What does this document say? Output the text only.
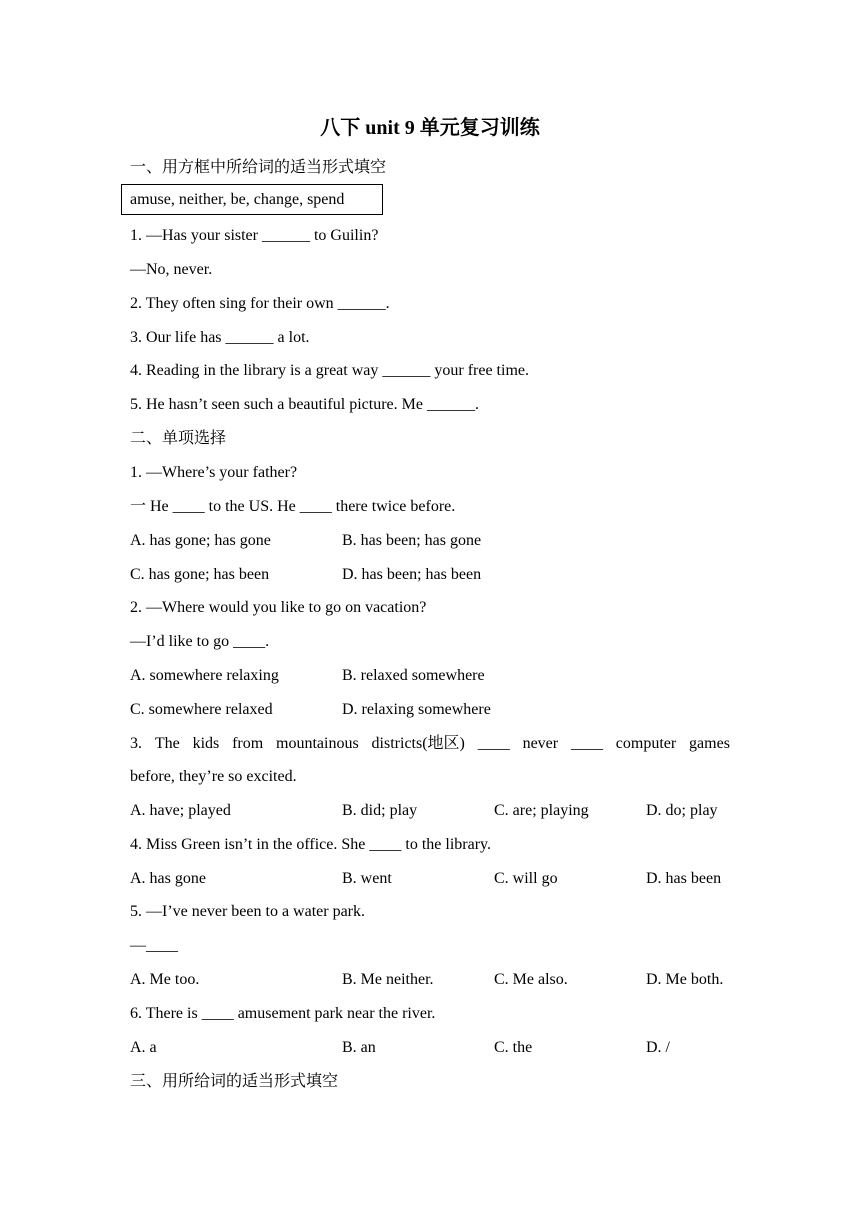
八下 unit 9 单元复习训练
一、用方框中所给词的适当形式填空
amuse, neither, be, change, spend
1. —Has your sister ______ to Guilin?
—No, never.
2. They often sing for their own ______.
3. Our life has ______ a lot.
4. Reading in the library is a great way ______ your free time.
5. He hasn’t seen such a beautiful picture. Me ______.
二、单项选择
1. —Where’s your father?
一 He ____ to the US. He ____ there twice before.
A. has gone; has gone	B. has been; has gone
C. has gone; has been	D. has been; has been
2. —Where would you like to go on vacation?
—I’d like to go ____.
A. somewhere relaxing	B. relaxed somewhere
C. somewhere relaxed	D. relaxing somewhere
3. The kids from mountainous districts(地区) ____ never ____ computer games
before, they’re so excited.
A. have; played	B. did; play	C. are; playing	D. do; play
4. Miss Green isn’t in the office. She ____ to the library.
A. has gone	B. went	C. will go	D. has been
5. —I’ve never been to a water park.
—____
A. Me too.	B. Me neither.	C. Me also.	D. Me both.
6. There is ____ amusement park near the river.
A. a	B. an	C. the	D. /
三、用所给词的适当形式填空
